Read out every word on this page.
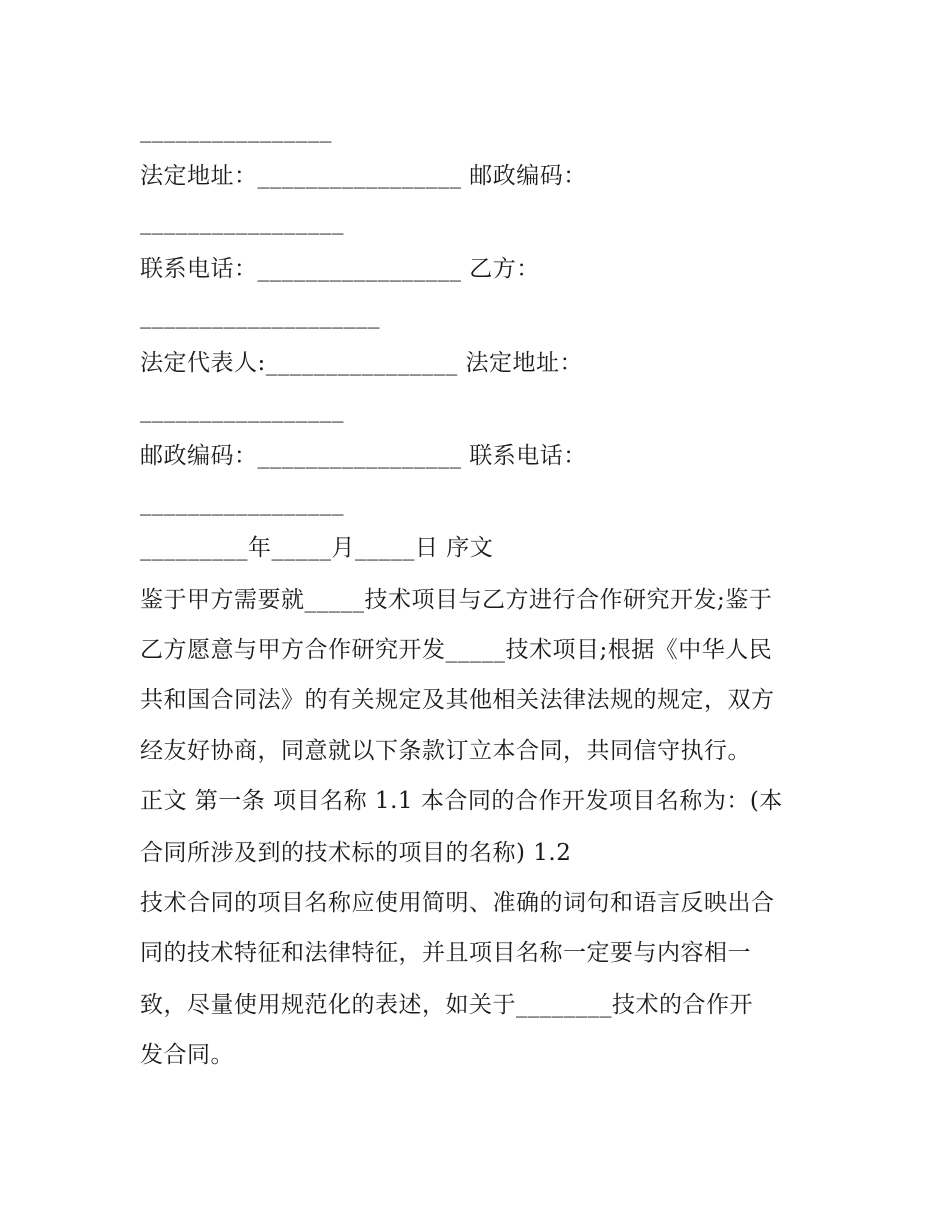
________________
法定地址：_________________ 邮政编码：
_________________
联系电话：_________________ 乙方：
____________________
法定代表人:________________ 法定地址：
_________________
邮政编码：_________________ 联系电话：
_________________
_________年_____月_____日 序文
鉴于甲方需要就_____技术项目与乙方进行合作研究开发;鉴于
乙方愿意与甲方合作研究开发_____技术项目;根据《中华人民
共和国合同法》的有关规定及其他相关法律法规的规定，双方
经友好协商，同意就以下条款订立本合同，共同信守执行。
正文 第一条 项目名称 1.1 本合同的合作开发项目名称为：(本
合同所涉及到的技术标的项目的名称) 1.2
技术合同的项目名称应使用简明、准确的词句和语言反映出合
同的技术特征和法律特征，并且项目名称一定要与内容相一
致，尽量使用规范化的表述，如关于________技术的合作开
发合同。
